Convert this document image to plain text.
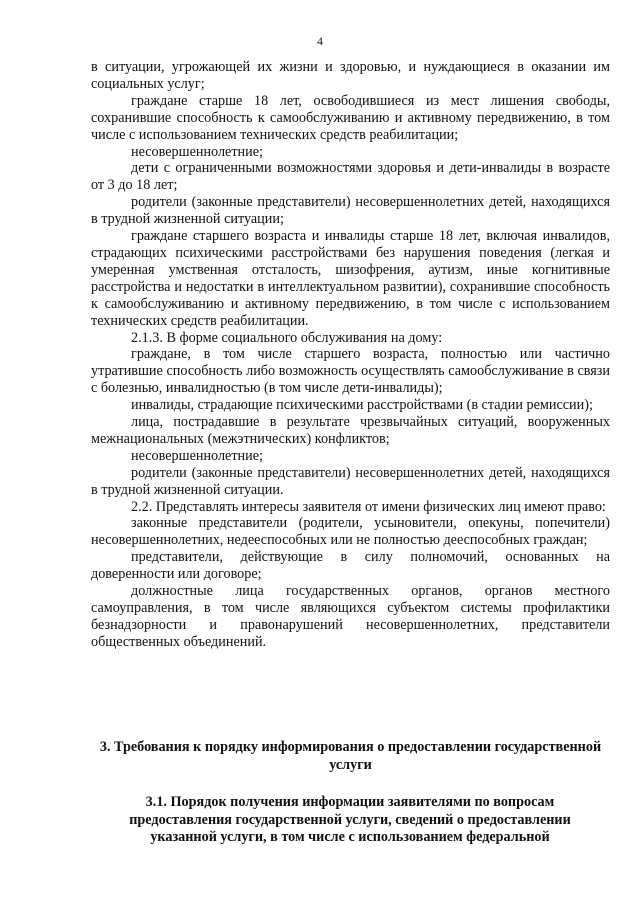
4

в ситуации, угрожающей их жизни и здоровью, и нуждающиеся в оказании им социальных услуг;

граждане старше 18 лет, освободившиеся из мест лишения свободы, сохранившие способность к самообслуживанию и активному передвижению, в том числе с использованием технических средств реабилитации;

несовершеннолетние;

дети с ограниченными возможностями здоровья и дети-инвалиды в возрасте от 3 до 18 лет;

родители (законные представители) несовершеннолетних детей, находящихся в трудной жизненной ситуации;

граждане старшего возраста и инвалиды старше 18 лет, включая инвалидов, страдающих психическими расстройствами без нарушения поведения (легкая и умеренная умственная отсталость, шизофрения, аутизм, иные когнитивные расстройства и недостатки в интеллектуальном развитии), сохранившие способность к самообслуживанию и активному передвижению, в том числе с использованием технических средств реабилитации.

2.1.3. В форме социального обслуживания на дому:

граждане, в том числе старшего возраста, полностью или частично утратившие способность либо возможность осуществлять самообслуживание в связи с болезнью, инвалидностью (в том числе дети-инвалиды);

инвалиды, страдающие психическими расстройствами (в стадии ремиссии);

лица, пострадавшие в результате чрезвычайных ситуаций, вооруженных межнациональных (межэтнических) конфликтов;

несовершеннолетние;

родители (законные представители) несовершеннолетних детей, находящихся в трудной жизненной ситуации.

2.2. Представлять интересы заявителя от имени физических лиц имеют право:

законные представители (родители, усыновители, опекуны, попечители) несовершеннолетних, недееспособных или не полностью дееспособных граждан;

представители, действующие в силу полномочий, основанных на доверенности или договоре;

должностные лица государственных органов, органов местного самоуправления, в том числе являющихся субъектом системы профилактики безнадзорности и правонарушений несовершеннолетних, представители общественных объединений.

3. Требования к порядку информирования о предоставлении государственной услуги

3.1. Порядок получения информации заявителями по вопросам предоставления государственной услуги, сведений о предоставлении указанной услуги, в том числе с использованием федеральной
